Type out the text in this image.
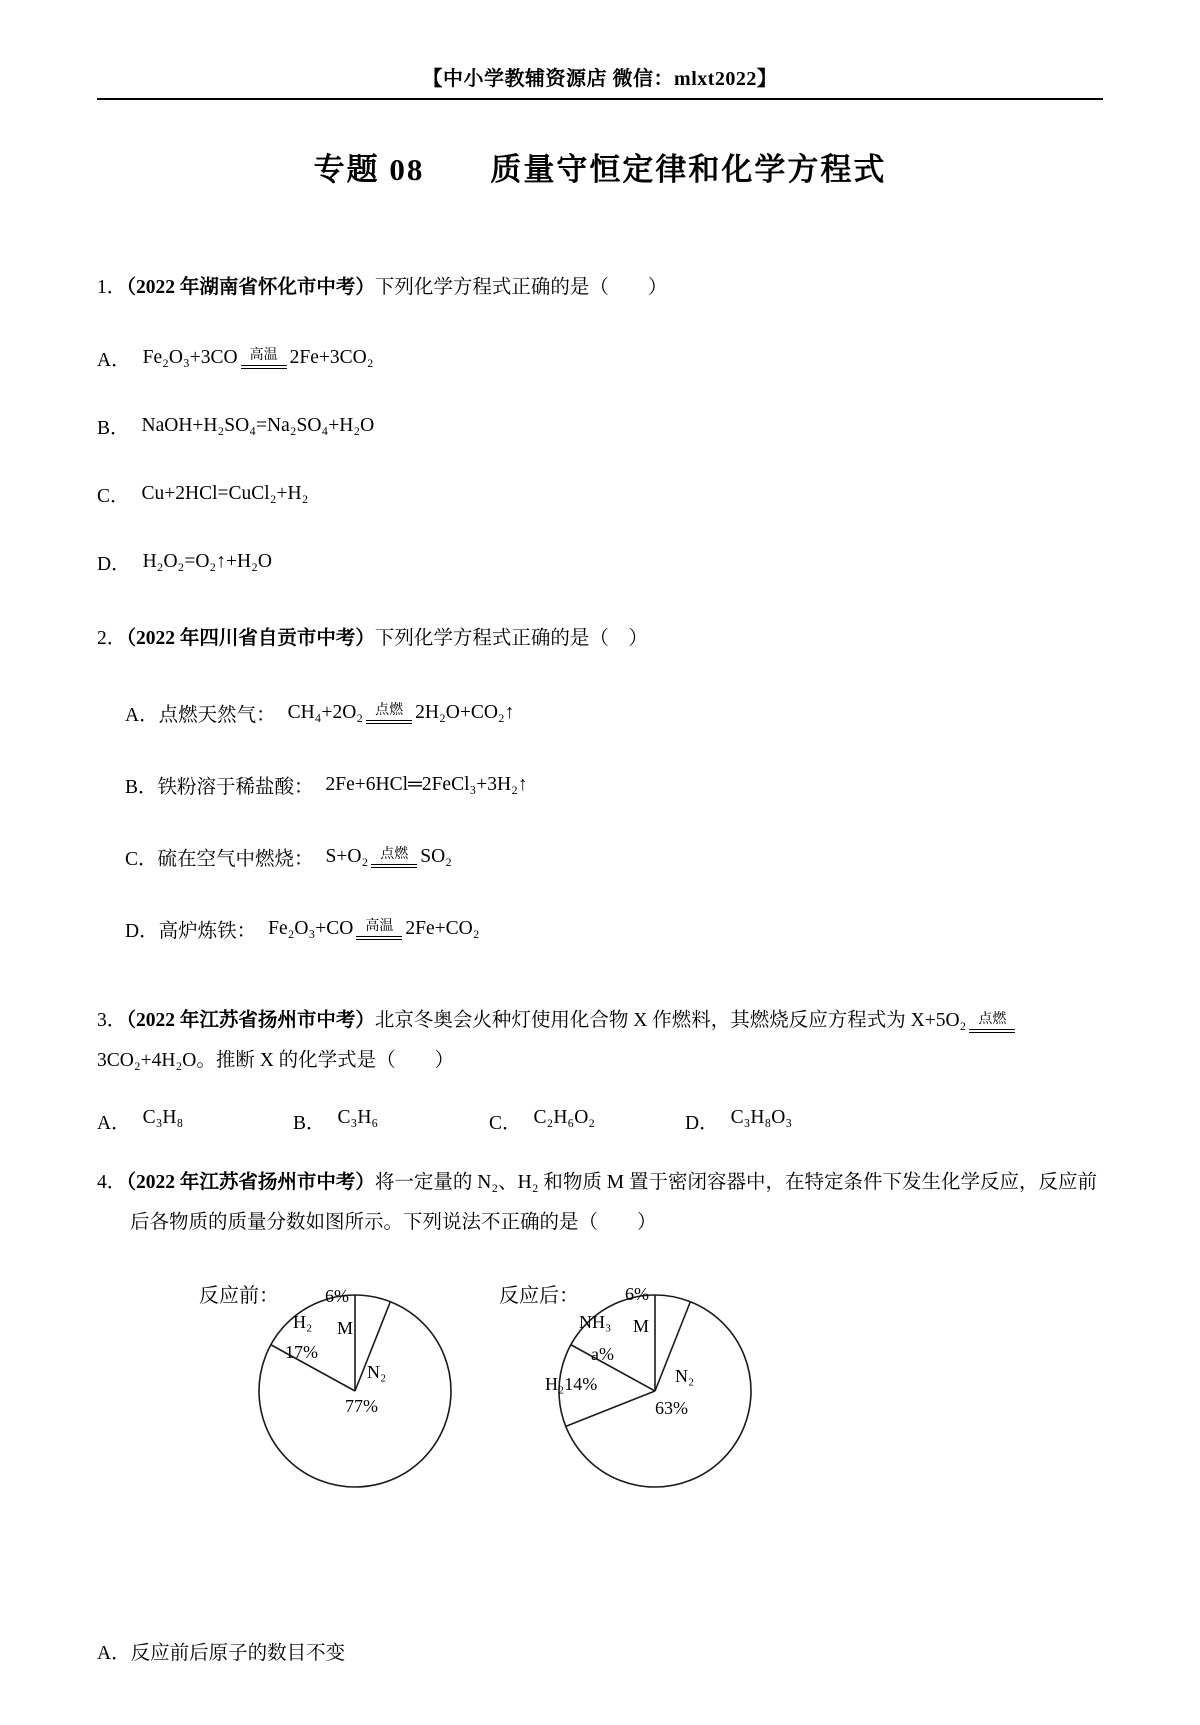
【中小学教辅资源店 微信：mlxt2022】
专题 08　　质量守恒定律和化学方程式

1．（2022 年湖南省怀化市中考）下列化学方程式正确的是（　　）

A． Fe₂O₃+3CO 高温 2Fe+3CO₂
B． NaOH+H₂SO₄=Na₂SO₄+H₂O
C． Cu+2HCl=CuCl₂+H₂
D． H₂O₂=O₂↑+H₂O

2．（2022 年四川省自贡市中考）下列化学方程式正确的是（　）

A．点燃天然气： CH₄+2O₂ 点燃 2H₂O+CO₂↑
B．铁粉溶于稀盐酸： 2Fe+6HCl═2FeCl₃+3H₂↑
C．硫在空气中燃烧： S+O₂ 点燃 SO₂
D．高炉炼铁： Fe₂O₃+CO 高温 2Fe+CO₂

3．（2022 年江苏省扬州市中考）北京冬奥会火种灯使用化合物 X 作燃料，其燃烧反应方程式为 X+5O₂ 点燃
3CO₂+4H₂O。推断 X 的化学式是（　　）

A． C₃H₈	B． C₃H₆	C． C₂H₆O₂	D． C₃H₈O₃

4．（2022 年江苏省扬州市中考）将一定量的 N₂、H₂ 和物质 M 置于密闭容器中，在特定条件下发生化学反应，反应前后各物质的质量分数如图所示。下列说法不正确的是（　　）

反应前：	6%
H₂ M
17%
N₂
77%
反应后：	6%
NH₃ M
a%
H₂14%	N₂
63%

A．反应前后原子的数目不变
